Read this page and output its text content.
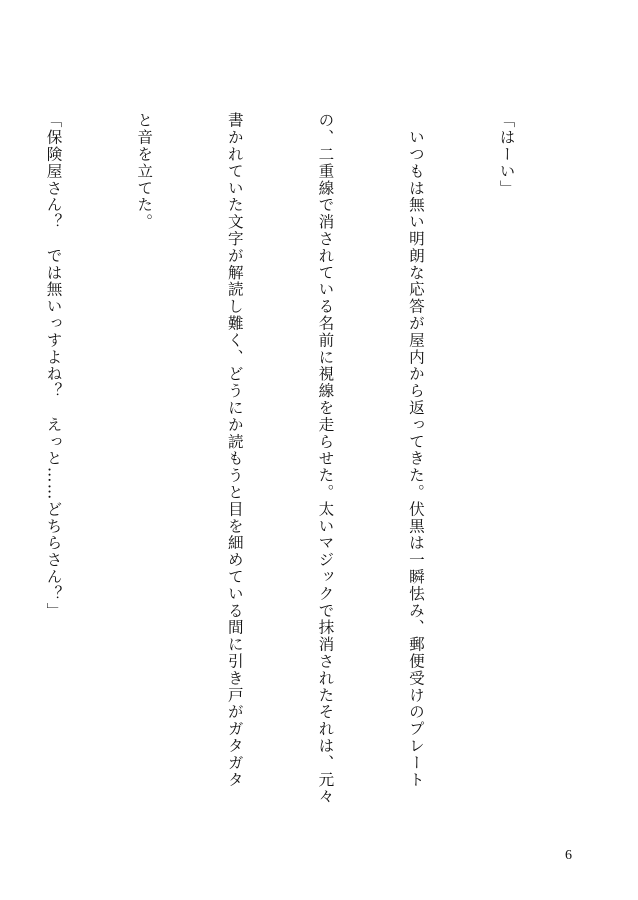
「はーい」

　いつもは無い明朗な応答が屋内から返ってきた。伏黒は一瞬怯み、郵便受けのプレート

の、二重線で消されている名前に視線を走らせた。太いマジックで抹消されたそれは、元々

書かれていた文字が解読し難く、どうにか読もうと目を細めている間に引き戸がガタガタ

と音を立てた。

「保険屋さん？　では無いっすよね？　えっと……どちらさん？」

6
